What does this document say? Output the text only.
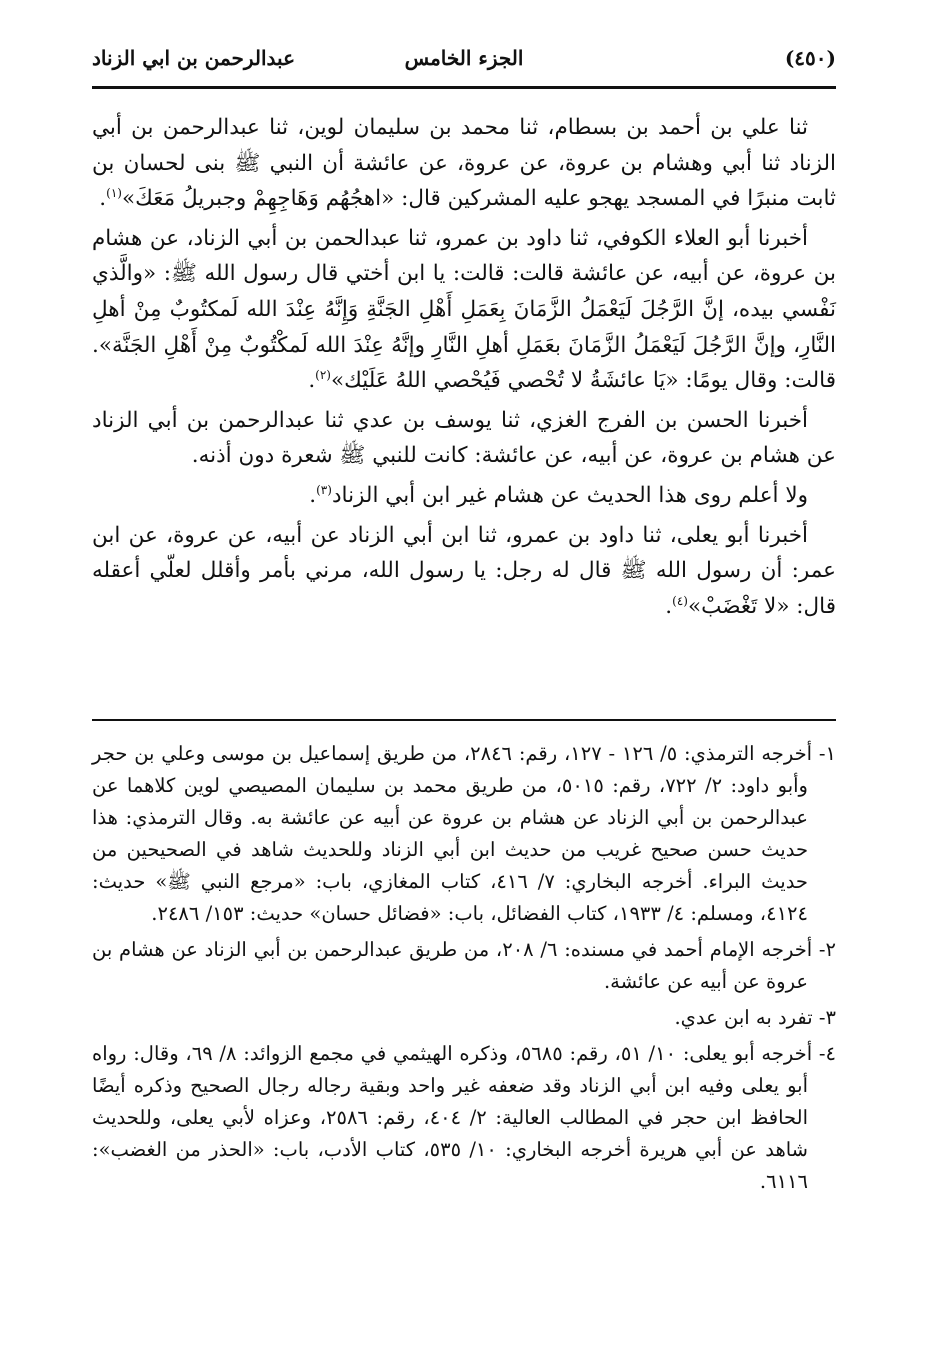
(٤٥٠)
الجزء الخامس
عبدالرحمن بن ابي الزناد

ثنا علي بن أحمد بن بسطام، ثنا محمد بن سليمان لوين، ثنا عبدالرحمن بن أبي الزناد ثنا أبي وهشام بن عروة، عن عروة، عن عائشة أن النبي ﷺ بنى لحسان بن ثابت منبرًا في المسجد يهجو عليه المشركين قال: «اهجُهُم وَهَاجِهِمْ وجبريلُ مَعَكَ»$^{(١)}$.

أخبرنا أبو العلاء الكوفي، ثنا داود بن عمرو، ثنا عبدالحمن بن أبي الزناد، عن هشام بن عروة، عن أبيه، عن عائشة قالت: قالت: يا ابن أختي قال رسول الله ﷺ: «والَّذي نَفْسي بيده، إنَّ الرَّجُلَ لَيَعْمَلُ الزَّمَانَ بِعَمَلِ أَهْلِ الجَنَّةِ وَإِنَّهُ عِنْدَ الله لَمكتُوبٌ مِنْ أهلِ النَّارِ، وإنَّ الرَّجُلَ لَيَعْمَلُ الزَّمَانَ بعَمَلِ أهلِ النَّارِ وإنَّهُ عِنْدَ الله لَمكْتُوبٌ مِنْ أَهْلِ الجَنَّة». قالت: وقال يومًا: «يَا عائشَةُ لا تُحْصي فَيُحْصي اللهُ عَلَيْك»$^{(٢)}$.

أخبرنا الحسن بن الفرج الغزي، ثنا يوسف بن عدي ثنا عبدالرحمن بن أبي الزناد عن هشام بن عروة، عن أبيه، عن عائشة: كانت للنبي ﷺ شعرة دون أذنه.

ولا أعلم روى هذا الحديث عن هشام غير ابن أبي الزناد$^{(٣)}$.

أخبرنا أبو يعلى، ثنا داود بن عمرو، ثنا ابن أبي الزناد عن أبيه، عن عروة، عن ابن عمر: أن رسول الله ﷺ قال له رجل: يا رسول الله، مرني بأمر وأقلل لعلّي أعقله قال: «لا تَغْضَبْ»$^{(٤)}$.

١- أخرجه الترمذي: ٥/ ١٢٦ - ١٢٧، رقم: ٢٨٤٦، من طريق إسماعيل بن موسى وعلي بن حجر وأبو داود: ٢/ ٧٢٢، رقم: ٥٠١٥، من طريق محمد بن سليمان المصيصي لوين كلاهما عن عبدالرحمن بن أبي الزناد عن هشام بن عروة عن أبيه عن عائشة به. وقال الترمذي: هذا حديث حسن صحيح غريب من حديث ابن أبي الزناد وللحديث شاهد في الصحيحين من حديث البراء. أخرجه البخاري: ٧/ ٤١٦، كتاب المغازي، باب: «مرجع النبي ﷺ» حديث: ٤١٢٤، ومسلم: ٤/ ١٩٣٣، كتاب الفضائل، باب: «فضائل حسان» حديث: ١٥٣/ ٢٤٨٦.

٢- أخرجه الإمام أحمد في مسنده: ٦/ ٢٠٨، من طريق عبدالرحمن بن أبي الزناد عن هشام بن عروة عن أبيه عن عائشة.

٣- تفرد به ابن عدي.

٤- أخرجه أبو يعلى: ١٠/ ٥١، رقم: ٥٦٨٥، وذكره الهيثمي في مجمع الزوائد: ٨/ ٦٩، وقال: رواه أبو يعلى وفيه ابن أبي الزناد وقد ضعفه غير واحد وبقية رجاله رجال الصحيح وذكره أيضًا الحافظ ابن حجر في المطالب العالية: ٢/ ٤٠٤، رقم: ٢٥٨٦، وعزاه لأبي يعلى، وللحديث شاهد عن أبي هريرة أخرجه البخاري: ١٠/ ٥٣٥، كتاب الأدب، باب: «الحذر من الغضب»: ٦١١٦.
